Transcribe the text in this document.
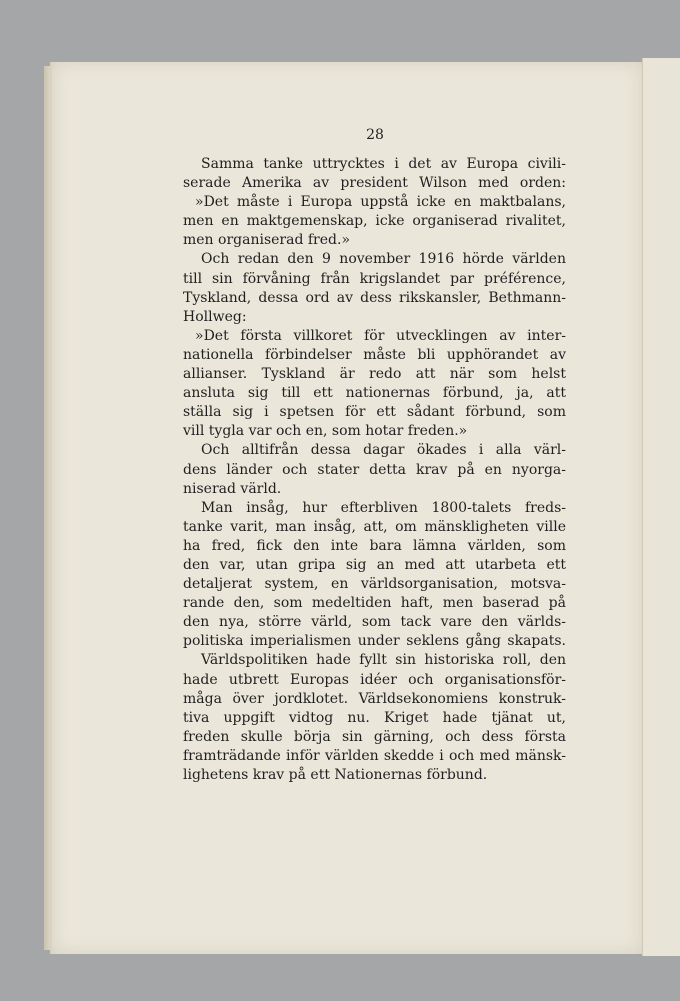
28
Samma tanke uttrycktes i det av Europa civili-
serade Amerika av president Wilson med orden:
»Det måste i Europa uppstå icke en maktbalans,
men en maktgemenskap, icke organiserad rivalitet,
men organiserad fred.»
Och redan den 9 november 1916 hörde världen
till sin förvåning från krigslandet par préférence,
Tyskland, dessa ord av dess rikskansler, Bethmann-
Hollweg:
»Det första villkoret för utvecklingen av inter-
nationella förbindelser måste bli upphörandet av
allianser. Tyskland är redo att när som helst
ansluta sig till ett nationernas förbund, ja, att
ställa sig i spetsen för ett sådant förbund, som
vill tygla var och en, som hotar freden.»
Och alltifrån dessa dagar ökades i alla värl-
dens länder och stater detta krav på en nyorga-
niserad värld.
Man insåg, hur efterbliven 1800-talets freds-
tanke varit, man insåg, att, om mänskligheten ville
ha fred, fick den inte bara lämna världen, som
den var, utan gripa sig an med att utarbeta ett
detaljerat system, en världsorganisation, motsva-
rande den, som medeltiden haft, men baserad på
den nya, större värld, som tack vare den världs-
politiska imperialismen under seklens gång skapats.
Världspolitiken hade fyllt sin historiska roll, den
hade utbrett Europas idéer och organisationsför-
måga över jordklotet. Världsekonomiens konstruk-
tiva uppgift vidtog nu. Kriget hade tjänat ut,
freden skulle börja sin gärning, och dess första
framträdande inför världen skedde i och med mänsk-
lighetens krav på ett Nationernas förbund.
